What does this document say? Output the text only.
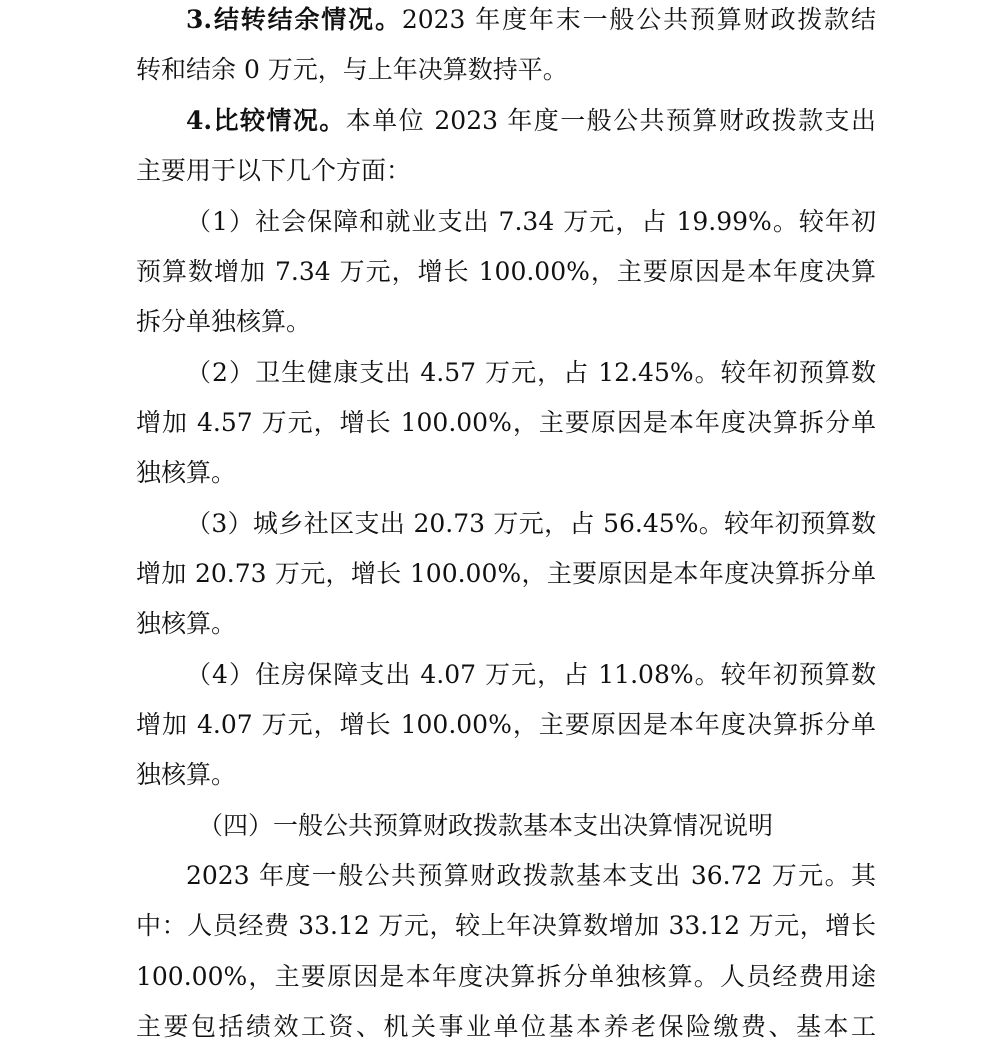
3.结转结余情况。2023 年度年末一般公共预算财政拨款结
转和结余 0 万元，与上年决算数持平。
4.比较情况。本单位 2023 年度一般公共预算财政拨款支出
主要用于以下几个方面：
（1）社会保障和就业支出 7.34 万元，占 19.99%。较年初
预算数增加 7.34 万元，增长 100.00%，主要原因是本年度决算
拆分单独核算。
（2）卫生健康支出 4.57 万元，占 12.45%。较年初预算数
增加 4.57 万元，增长 100.00%，主要原因是本年度决算拆分单
独核算。
（3）城乡社区支出 20.73 万元，占 56.45%。较年初预算数
增加 20.73 万元，增长 100.00%，主要原因是本年度决算拆分单
独核算。
（4）住房保障支出 4.07 万元，占 11.08%。较年初预算数
增加 4.07 万元，增长 100.00%，主要原因是本年度决算拆分单
独核算。
（四）一般公共预算财政拨款基本支出决算情况说明
2023 年度一般公共预算财政拨款基本支出 36.72 万元。其
中：人员经费 33.12 万元，较上年决算数增加 33.12 万元，增长
100.00%，主要原因是本年度决算拆分单独核算。人员经费用途
主要包括绩效工资、机关事业单位基本养老保险缴费、基本工
